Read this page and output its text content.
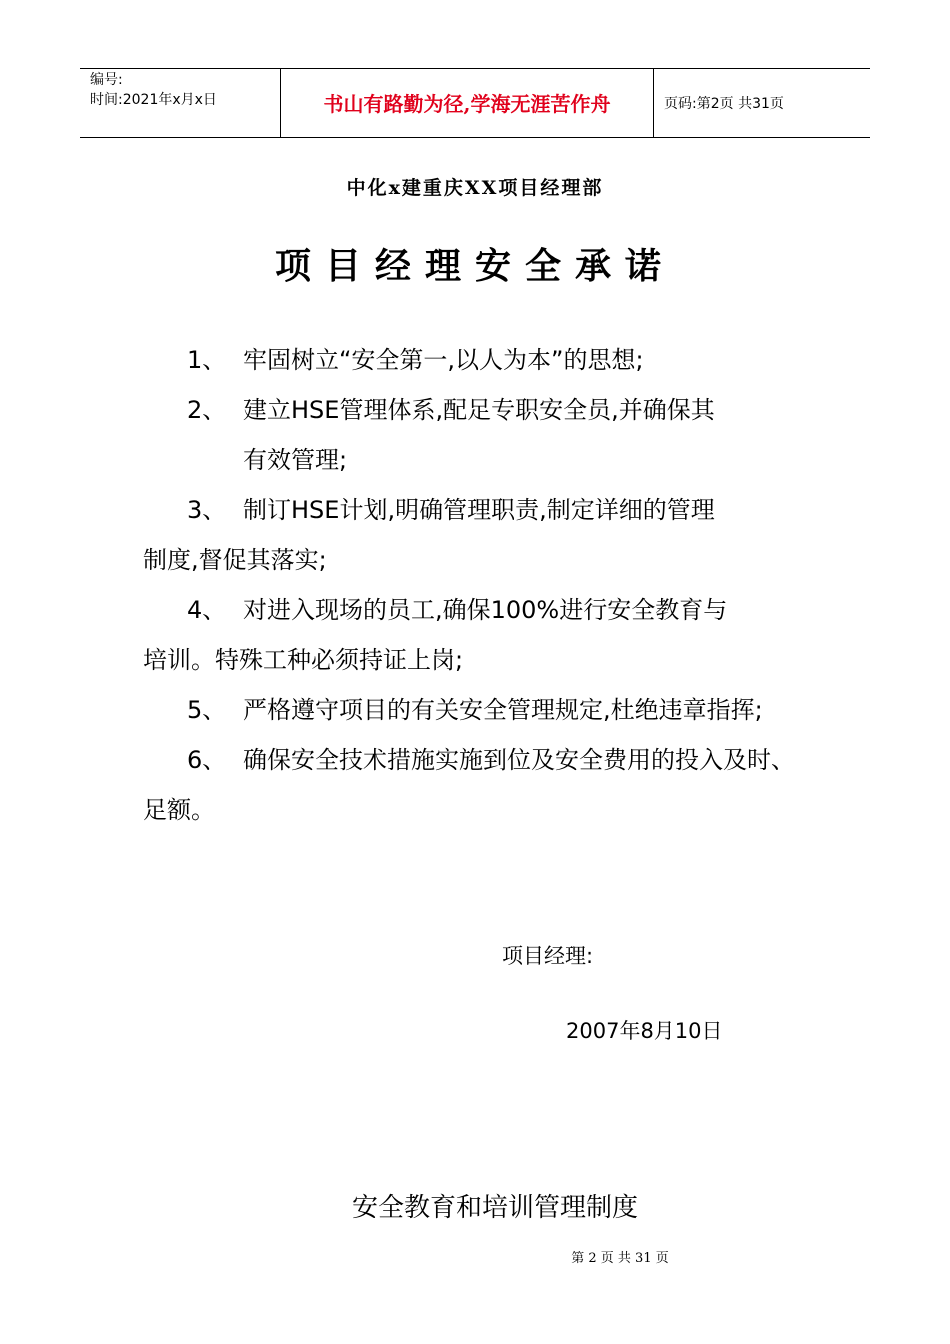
编号:
时间:2021年x月x日	书山有路勤为径,学海无涯苦作舟	页码:第2页 共31页
中化x建重庆XX项目经理部
项目经理安全承诺
1、 牢固树立“安全第一,以人为本”的思想;
2、 建立HSE管理体系,配足专职安全员,并确保其
有效管理;
3、 制订HSE计划,明确管理职责,制定详细的管理
制度,督促其落实;
4、 对进入现场的员工,确保100%进行安全教育与
培训。特殊工种必须持证上岗;
5、 严格遵守项目的有关安全管理规定,杜绝违章指挥;
6、 确保安全技术措施实施到位及安全费用的投入及时、
足额。
项目经理:
2007年8月10日
安全教育和培训管理制度
第 2 页 共 31 页
